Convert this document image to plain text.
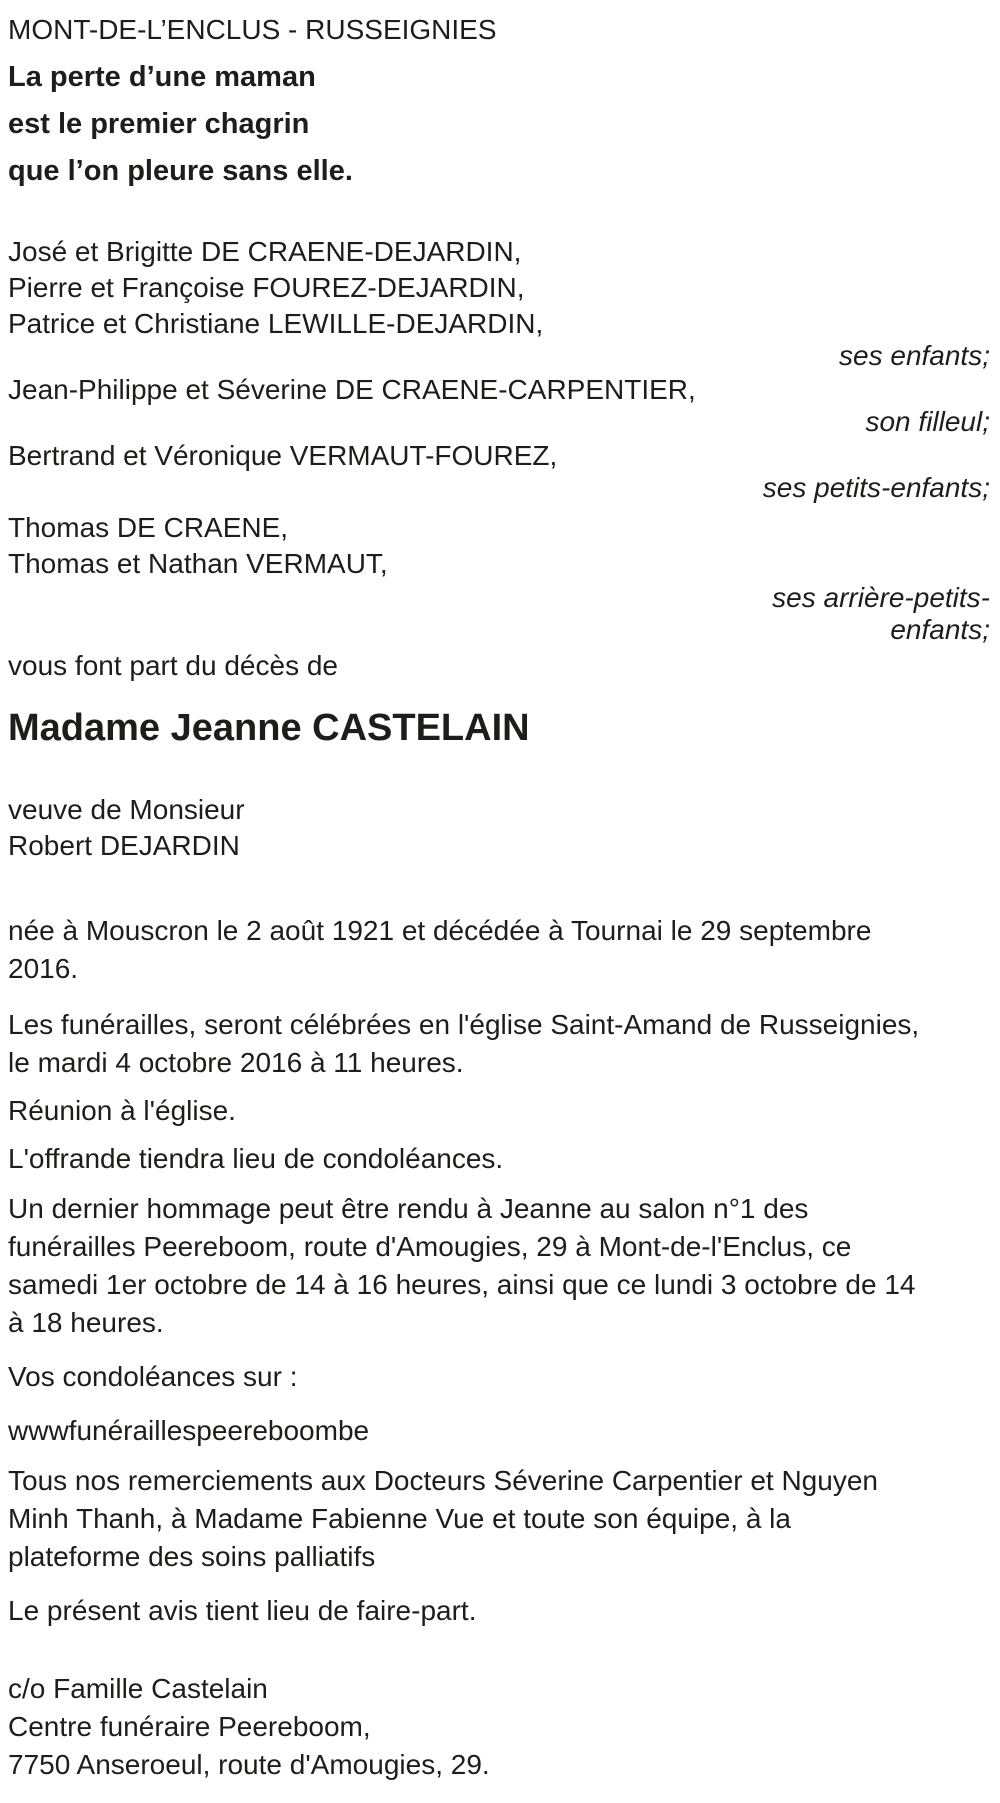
MONT-DE-L’ENCLUS - RUSSEIGNIES

La perte d’une maman

est le premier chagrin

que l’on pleure sans elle.

José et Brigitte DE CRAENE-DEJARDIN,

Pierre et Françoise FOUREZ-DEJARDIN,

Patrice et Christiane LEWILLE-DEJARDIN,

ses enfants;

Jean-Philippe et Séverine DE CRAENE-CARPENTIER,

son filleul;

Bertrand et Véronique VERMAUT-FOUREZ,

ses petits-enfants;

Thomas DE CRAENE,

Thomas et Nathan VERMAUT,

ses arrière-petits-

enfants;

vous font part du décès de

Madame Jeanne CASTELAIN

veuve de Monsieur

Robert DEJARDIN

née à Mouscron le 2 août 1921 et décédée à Tournai le 29 septembre

2016.

Les funérailles, seront célébrées en l'église Saint-Amand de Russeignies,

le mardi 4 octobre 2016 à 11 heures.

Réunion à l'église.

L'offrande tiendra lieu de condoléances.

Un dernier hommage peut être rendu à Jeanne au salon n°1 des

funérailles Peereboom, route d'Amougies, 29 à Mont-de-l'Enclus, ce

samedi 1er octobre de 14 à 16 heures, ainsi que ce lundi 3 octobre de 14

à 18 heures.

Vos condoléances sur :

wwwfunéraillespeereboombe

Tous nos remerciements aux Docteurs Séverine Carpentier et Nguyen

Minh Thanh, à Madame Fabienne Vue et toute son équipe, à la

plateforme des soins palliatifs

Le présent avis tient lieu de faire-part.

c/o Famille Castelain

Centre funéraire Peereboom,

7750 Anseroeul, route d'Amougies, 29.
